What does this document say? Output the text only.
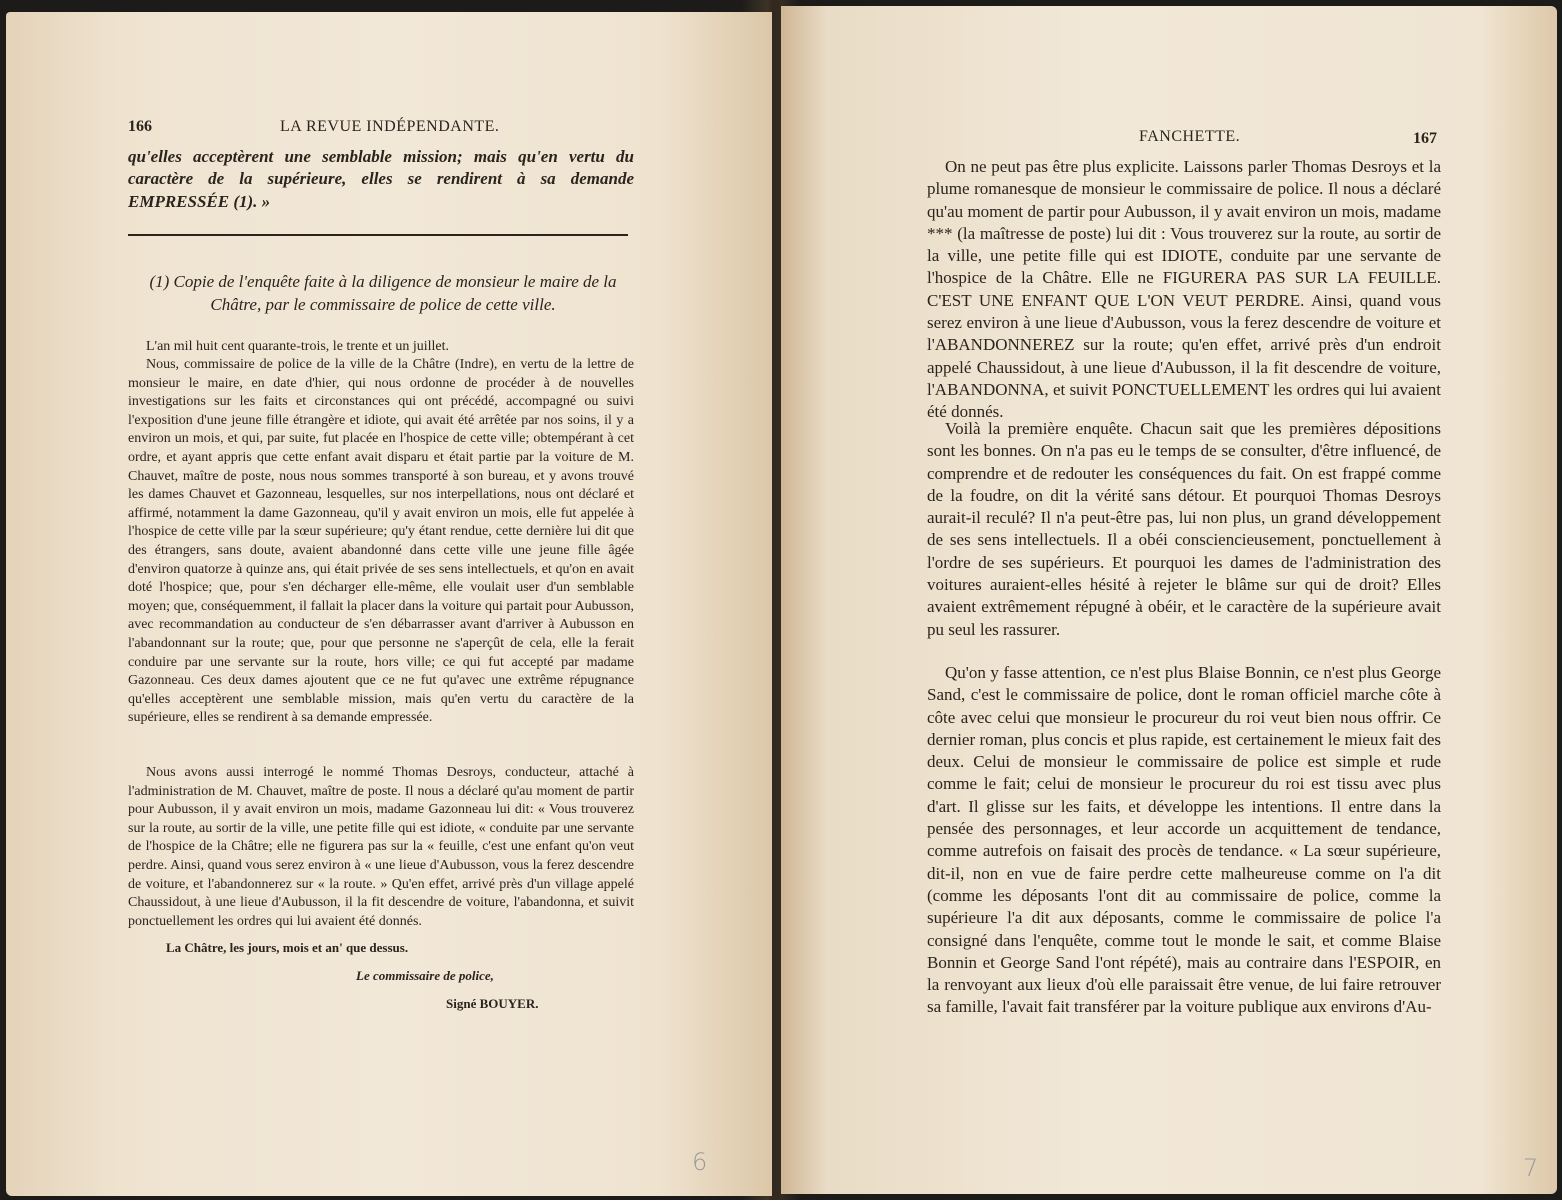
166	LA REVUE INDÉPENDANTE.

qu'elles acceptèrent une semblable mission; mais qu'en vertu du caractère de la supérieure, elles se rendirent à sa demande EMPRESSÉE (1). »

(1) Copie de l'enquête faite à la diligence de monsieur le maire de la Châtre, par le commissaire de police de cette ville.

L'an mil huit cent quarante-trois, le trente et un juillet.

Nous, commissaire de police de la ville de la Châtre (Indre), en vertu de la lettre de monsieur le maire, en date d'hier, qui nous ordonne de procéder à de nouvelles investigations sur les faits et circonstances qui ont précédé, accompagné ou suivi l'exposition d'une jeune fille étrangère et idiote, qui avait été arrêtée par nos soins, il y a environ un mois, et qui, par suite, fut placée en l'hospice de cette ville; obtempérant à cet ordre, et ayant appris que cette enfant avait disparu et était partie par la voiture de M. Chauvet, maître de poste, nous nous sommes transporté à son bureau, et y avons trouvé les dames Chauvet et Gazonneau, lesquelles, sur nos interpellations, nous ont déclaré et affirmé, notamment la dame Gazonneau, qu'il y avait environ un mois, elle fut appelée à l'hospice de cette ville par la sœur supérieure; qu'y étant rendue, cette dernière lui dit que des étrangers, sans doute, avaient abandonné dans cette ville une jeune fille âgée d'environ quatorze à quinze ans, qui était privée de ses sens intellectuels, et qu'on en avait doté l'hospice; que, pour s'en décharger elle-même, elle voulait user d'un semblable moyen; que, conséquemment, il fallait la placer dans la voiture qui partait pour Aubusson, avec recommandation au conducteur de s'en débarrasser avant d'arriver à Aubusson en l'abandonnant sur la route; que, pour que personne ne s'aperçût de cela, elle la ferait conduire par une servante sur la route, hors ville; ce qui fut accepté par madame Gazonneau. Ces deux dames ajoutent que ce ne fut qu'avec une extrême répugnance qu'elles acceptèrent une semblable mission, mais qu'en vertu du caractère de la supérieure, elles se rendirent à sa demande empressée.

Nous avons aussi interrogé le nommé Thomas Desroys, conducteur, attaché à l'administration de M. Chauvet, maître de poste. Il nous a déclaré qu'au moment de partir pour Aubusson, il y avait environ un mois, madame Gazonneau lui dit: « Vous trouverez sur la route, au sortir de la ville, une petite fille qui est idiote, « conduite par une servante de l'hospice de la Châtre; elle ne figurera pas sur la « feuille, c'est une enfant qu'on veut perdre. Ainsi, quand vous serez environ à « une lieue d'Aubusson, vous la ferez descendre de voiture, et l'abandonnerez sur « la route. » Qu'en effet, arrivé près d'un village appelé Chaussidout, à une lieue d'Aubusson, il la fit descendre de voiture, l'abandonna, et suivit ponctuellement les ordres qui lui avaient été donnés.

La Châtre, les jours, mois et an' que dessus.
Le commissaire de police,
Signé BOUYER.
6
FANCHETTE.	167

On ne peut pas être plus explicite. Laissons parler Thomas Desroys et la plume romanesque de monsieur le commissaire de police. Il nous a déclaré qu'au moment de partir pour Aubusson, il y avait environ un mois, madame *** (la maîtresse de poste) lui dit : Vous trouverez sur la route, au sortir de la ville, une petite fille qui est IDIOTE, conduite par une servante de l'hospice de la Châtre. Elle ne FIGURERA PAS SUR LA FEUILLE. C'EST UNE ENFANT QUE L'ON VEUT PERDRE. Ainsi, quand vous serez environ à une lieue d'Aubusson, vous la ferez descendre de voiture et l'ABANDONNEREZ sur la route; qu'en effet, arrivé près d'un endroit appelé Chaussidout, à une lieue d'Aubusson, il la fit descendre de voiture, l'ABANDONNA, et suivit PONCTUELLEMENT les ordres qui lui avaient été donnés.

Voilà la première enquête. Chacun sait que les premières dépositions sont les bonnes. On n'a pas eu le temps de se consulter, d'être influencé, de comprendre et de redouter les conséquences du fait. On est frappé comme de la foudre, on dit la vérité sans détour. Et pourquoi Thomas Desroys aurait-il reculé? Il n'a peut-être pas, lui non plus, un grand développement de ses sens intellectuels. Il a obéi consciencieusement, ponctuellement à l'ordre de ses supérieurs. Et pourquoi les dames de l'administration des voitures auraient-elles hésité à rejeter le blâme sur qui de droit? Elles avaient extrêmement répugné à obéir, et le caractère de la supérieure avait pu seul les rassurer.

Qu'on y fasse attention, ce n'est plus Blaise Bonnin, ce n'est plus George Sand, c'est le commissaire de police, dont le roman officiel marche côte à côte avec celui que monsieur le procureur du roi veut bien nous offrir. Ce dernier roman, plus concis et plus rapide, est certainement le mieux fait des deux. Celui de monsieur le commissaire de police est simple et rude comme le fait; celui de monsieur le procureur du roi est tissu avec plus d'art. Il glisse sur les faits, et développe les intentions. Il entre dans la pensée des personnages, et leur accorde un acquittement de tendance, comme autrefois on faisait des procès de tendance. « La sœur supérieure, dit-il, non en vue de faire perdre cette malheureuse comme on l'a dit (comme les déposants l'ont dit au commissaire de police, comme la supérieure l'a dit aux déposants, comme le commissaire de police l'a consigné dans l'enquête, comme tout le monde le sait, et comme Blaise Bonnin et George Sand l'ont répété), mais au contraire dans l'ESPOIR, en la renvoyant aux lieux d'où elle paraissait être venue, de lui faire retrouver sa famille, l'avait fait transférer par la voiture publique aux environs d'Au-

7
